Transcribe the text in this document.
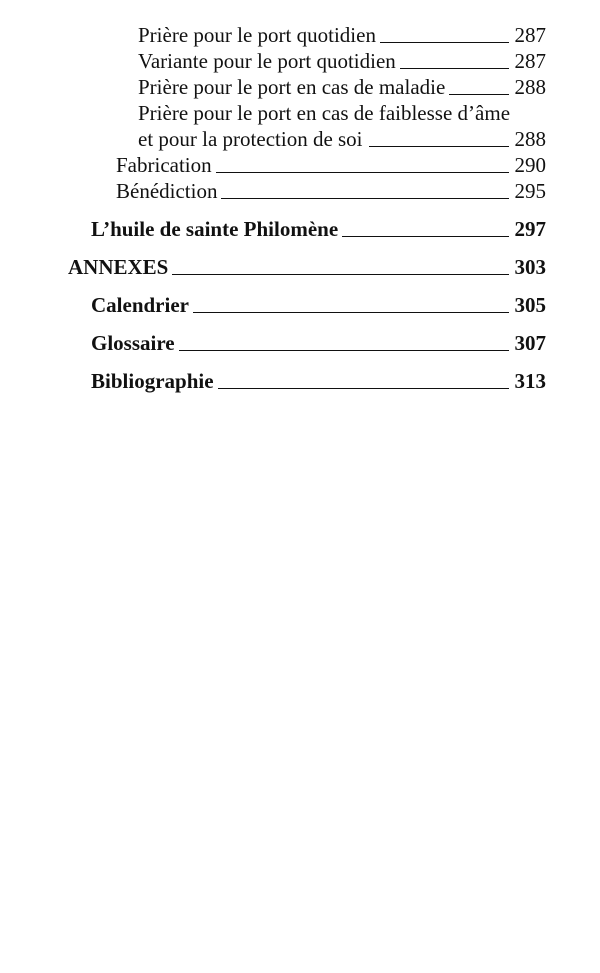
Prière pour le port quotidien	287
Variante pour le port quotidien	287
Prière pour le port en cas de maladie	288
Prière pour le port en cas de faiblesse d’âme
et pour la protection de soi	288
Fabrication	290
Bénédiction	295
L’huile de sainte Philomène	297
ANNEXES	303
Calendrier	305
Glossaire	307
Bibliographie	313
